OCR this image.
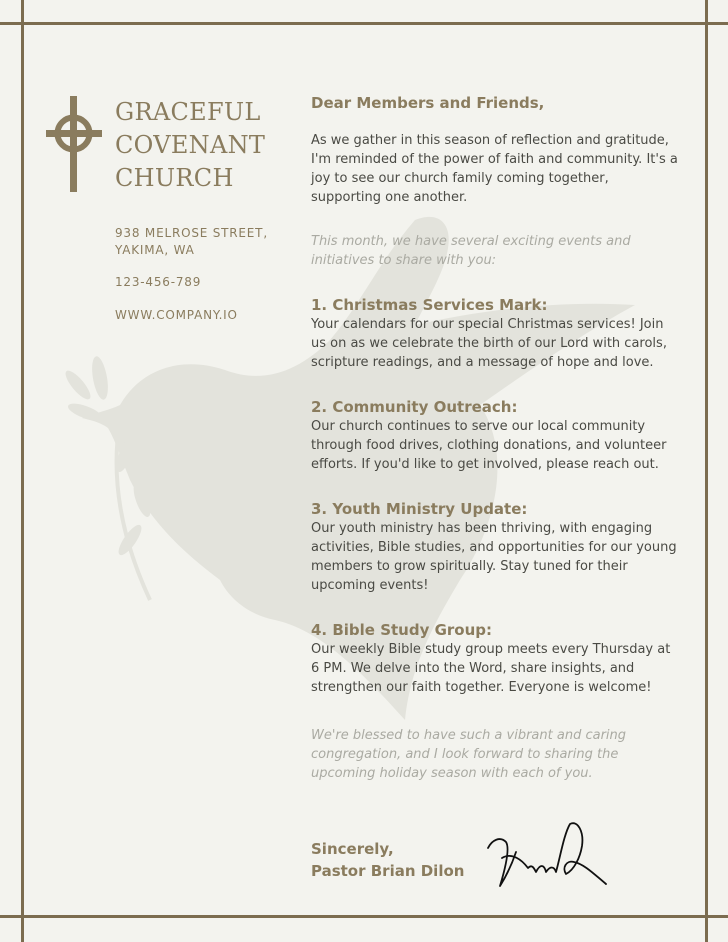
GRACEFUL
COVENANT
CHURCH
938 MELROSE STREET,
YAKIMA, WA
123-456-789
WWW.COMPANY.IO

Dear Members and Friends,

As we gather in this season of reflection and gratitude, I'm reminded of the power of faith and community. It's a joy to see our church family coming together, supporting one another.

This month, we have several exciting events and initiatives to share with you:

1. Christmas Services Mark:

Your calendars for our special Christmas services! Join us on as we celebrate the birth of our Lord with carols, scripture readings, and a message of hope and love.

2. Community Outreach:

Our church continues to serve our local community through food drives, clothing donations, and volunteer efforts. If you'd like to get involved, please reach out.

3. Youth Ministry Update:

Our youth ministry has been thriving, with engaging activities, Bible studies, and opportunities for our young members to grow spiritually. Stay tuned for their upcoming events!

4. Bible Study Group:

Our weekly Bible study group meets every Thursday at 6 PM. We delve into the Word, share insights, and strengthen our faith together. Everyone is welcome!

We're blessed to have such a vibrant and caring congregation, and I look forward to sharing the upcoming holiday season with each of you.

Sincerely,
Pastor Brian Dilon
